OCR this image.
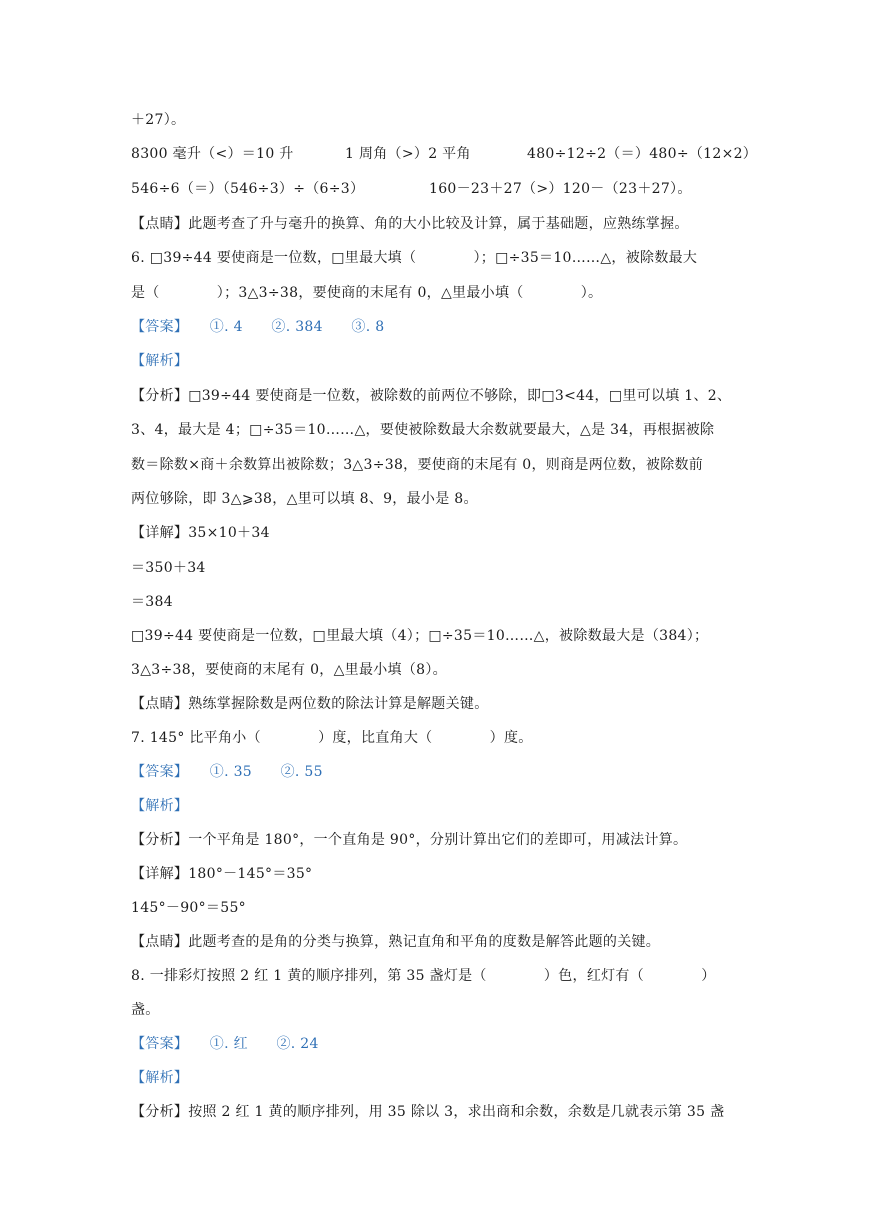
＋27）。
8300 毫升（<）＝10 升	1 周角（>）2 平角	480÷12÷2（＝）480÷（12×2）
546÷6（＝）（546÷3）÷（6÷3）	160－23＋27（>）120－（23＋27）。
【点睛】此题考查了升与毫升的换算、角的大小比较及计算，属于基础题，应熟练掌握。
6. □39÷44 要使商是一位数，□里最大填（　　　　）；□÷35＝10……△，被除数最大
是（　　　　）；3△3÷38，要使商的末尾有 0，△里最小填（　　　　）。
【答案】　　①. 4　　②. 384　　③. 8
【解析】
【分析】□39÷44 要使商是一位数，被除数的前两位不够除，即□3<44，□里可以填 1、2、
3、4，最大是 4；□÷35＝10……△，要使被除数最大余数就要最大，△是 34，再根据被除
数＝除数×商＋余数算出被除数；3△3÷38，要使商的末尾有 0，则商是两位数，被除数前
两位够除，即 3△⩾38，△里可以填 8、9，最小是 8。
【详解】35×10＋34
＝350＋34
＝384
□39÷44 要使商是一位数，□里最大填（4）；□÷35＝10……△，被除数最大是（384）；
3△3÷38，要使商的末尾有 0，△里最小填（8）。
【点睛】熟练掌握除数是两位数的除法计算是解题关键。
7. 145° 比平角小（　　　　）度，比直角大（　　　　）度。
【答案】　　①. 35　　②. 55
【解析】
【分析】一个平角是 180°，一个直角是 90°，分别计算出它们的差即可，用减法计算。
【详解】180°－145°＝35°
145°－90°＝55°
【点睛】此题考查的是角的分类与换算，熟记直角和平角的度数是解答此题的关键。
8. 一排彩灯按照 2 红 1 黄的顺序排列，第 35 盏灯是（　　　　）色，红灯有（　　　　）
盏。
【答案】　　①. 红　　②. 24
【解析】
【分析】按照 2 红 1 黄的顺序排列，用 35 除以 3，求出商和余数，余数是几就表示第 35 盏
